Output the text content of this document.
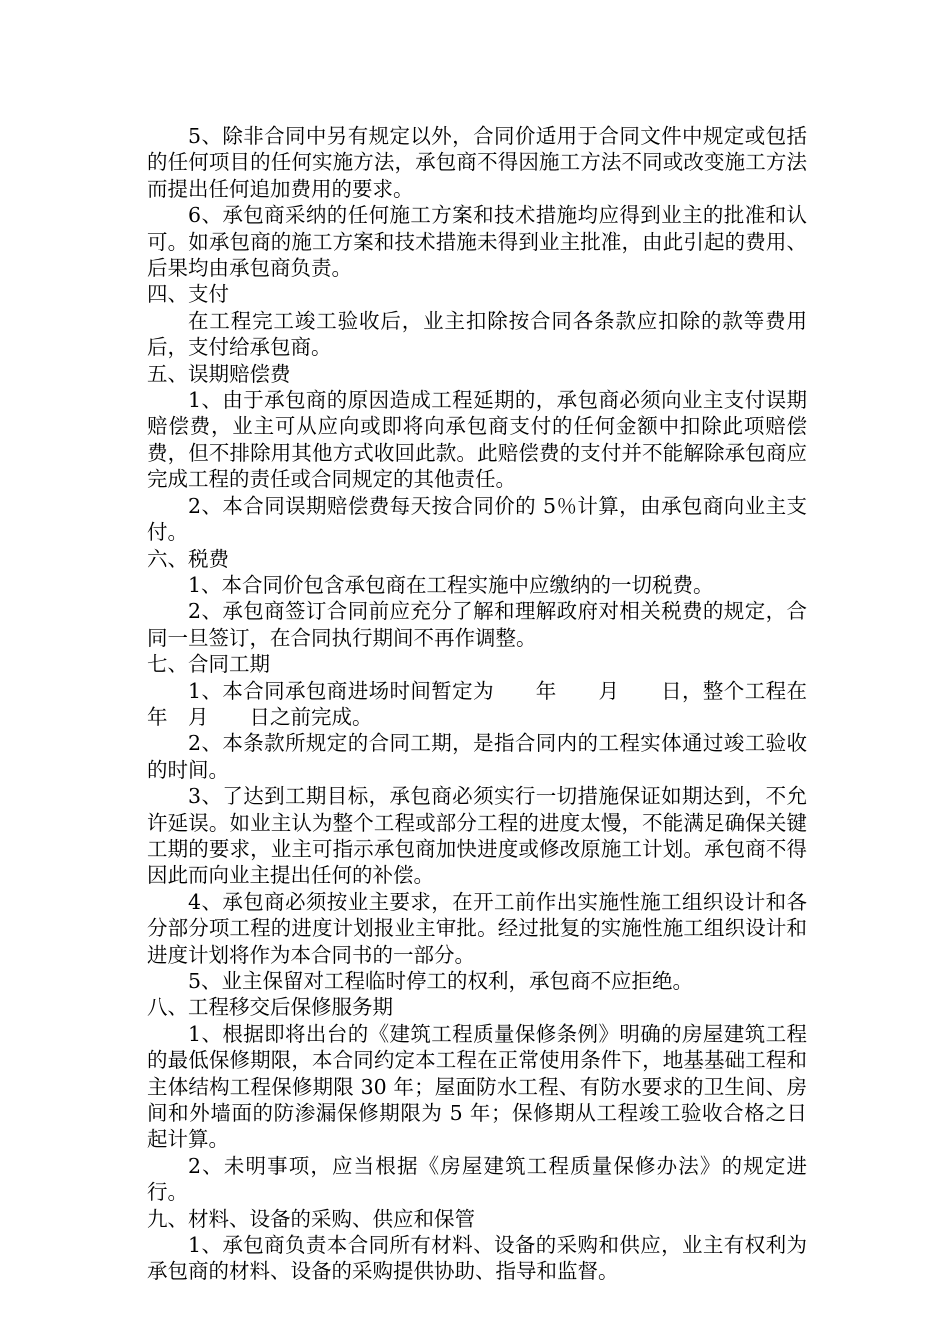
5、除非合同中另有规定以外，合同价适用于合同文件中规定或包括的任何项目的任何实施方法，承包商不得因施工方法不同或改变施工方法而提出任何追加费用的要求。

6、承包商采纳的任何施工方案和技术措施均应得到业主的批准和认可。如承包商的施工方案和技术措施未得到业主批准，由此引起的费用、后果均由承包商负责。

四、支付

在工程完工竣工验收后，业主扣除按合同各条款应扣除的款等费用后，支付给承包商。

五、误期赔偿费

1、由于承包商的原因造成工程延期的，承包商必须向业主支付误期赔偿费，业主可从应向或即将向承包商支付的任何金额中扣除此项赔偿费，但不排除用其他方式收回此款。此赔偿费的支付并不能解除承包商应完成工程的责任或合同规定的其他责任。

2、本合同误期赔偿费每天按合同价的 5％计算，由承包商向业主支付。

六、税费

1、本合同价包含承包商在工程实施中应缴纳的一切税费。

2、承包商签订合同前应充分了解和理解政府对相关税费的规定，合同一旦签订，在合同执行期间不再作调整。

七、合同工期

1、本合同承包商进场时间暂定为　　年　　月　　日，整个工程在　　年　月　　日之前完成。

2、本条款所规定的合同工期，是指合同内的工程实体通过竣工验收的时间。

3、了达到工期目标，承包商必须实行一切措施保证如期达到，不允许延误。如业主认为整个工程或部分工程的进度太慢，不能满足确保关键工期的要求，业主可指示承包商加快进度或修改原施工计划。承包商不得因此而向业主提出任何的补偿。

4、承包商必须按业主要求，在开工前作出实施性施工组织设计和各分部分项工程的进度计划报业主审批。经过批复的实施性施工组织设计和进度计划将作为本合同书的一部分。

5、业主保留对工程临时停工的权利，承包商不应拒绝。

八、工程移交后保修服务期

1、根据即将出台的《建筑工程质量保修条例》明确的房屋建筑工程的最低保修期限，本合同约定本工程在正常使用条件下，地基基础工程和主体结构工程保修期限 30 年；屋面防水工程、有防水要求的卫生间、房间和外墙面的防渗漏保修期限为 5 年；保修期从工程竣工验收合格之日起计算。

2、未明事项，应当根据《房屋建筑工程质量保修办法》的规定进行。

九、材料、设备的采购、供应和保管

1、承包商负责本合同所有材料、设备的采购和供应，业主有权利为承包商的材料、设备的采购提供协助、指导和监督。
